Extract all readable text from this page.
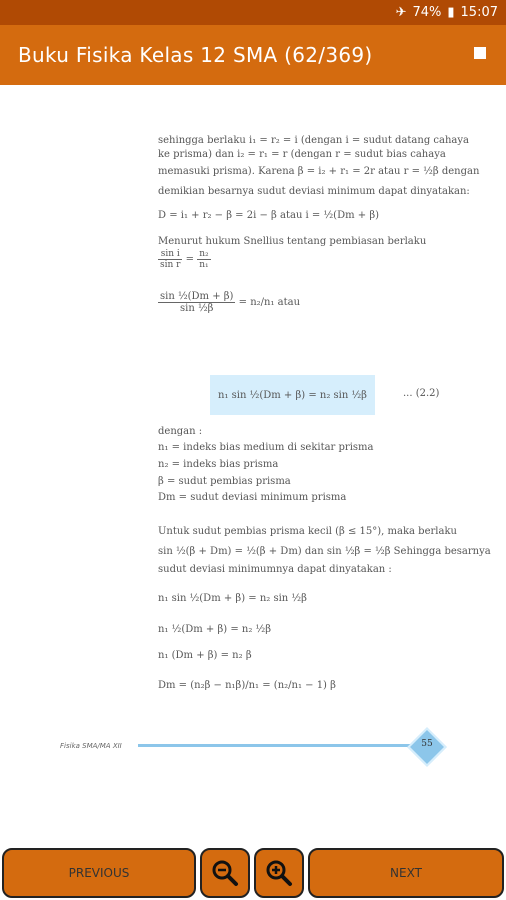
✈ 74% ▮ 15:07
Buku Fisika Kelas 12 SMA (62/369)
sehingga berlaku i₁ = r₂ = i (dengan i = sudut datang cahaya
ke prisma) dan i₂ = r₁ = r (dengan r = sudut bias cahaya
memasuki prisma). Karena β = i₂ + r₁ = 2r atau r = ½β dengan
demikian besarnya sudut deviasi minimum dapat dinyatakan:
D = i₁ + r₂ − β = 2i − β atau i = ½(Dm + β)
Menurut hukum Snellius tentang pembiasan berlaku
$\frac{\text{sin i}}{\text{sin r}} = \frac{\text{n₂}}{\text{n₁}}$
$\frac{\text{sin ½(Dm + β)}}{\text{sin ½β}} = n_2/n_1$ atau
n₁ sin ½(Dm + β) = n₂ sin ½β	... (2.2)
dengan :
n₁ = indeks bias medium di sekitar prisma
n₂ = indeks bias prisma
β = sudut pembias prisma
Dm = sudut deviasi minimum prisma
Untuk sudut pembias prisma kecil (β ≤ 15°), maka berlaku
sin ½(β + Dm) = ½(β + Dm) dan sin ½β = ½β Sehingga besarnya
sudut deviasi minimumnya dapat dinyatakan :
n₁ sin ½(Dm + β) = n₂ sin ½β
n₁ ½(Dm + β) = n₂ ½β
n₁ (Dm + β) = n₂ β
Dm = (n₂β − n₁β)/n₁ = (n₂/n₁ − 1) β
Fisika SMA/MA XII	55
PREVIOUS	NEXT
